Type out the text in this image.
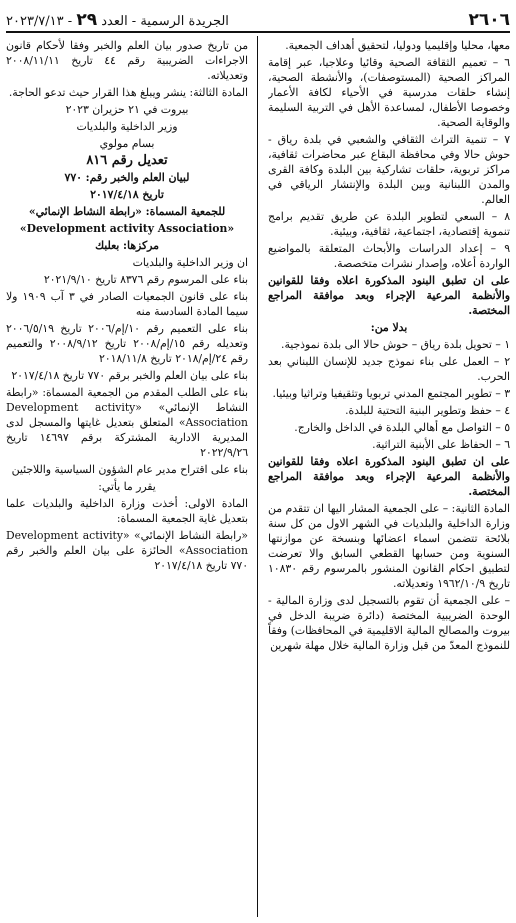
٢٦٠٦
الجريدة الرسمية - العدد ٢٩ - ٢٠٢٣/٧/١٣

معها، محليا وإقليميا ودوليا، لتحقيق أهداف الجمعية.

٦ – تعميم الثقافة الصحية وقائيا وعلاجيا، عبر إقامة المراكز الصحية (المستوصفات)، والأنشطة الصحية، إنشاء حلقات مدرسية في الأحياء لكافة الأعمار وخصوصا الأطفال، لمساعدة الأهل في التربية السليمة والوقاية الصحية.

٧ – تنمية التراث الثقافي والشعبي في بلدة رياق - حوش حالا وفي محافظة البقاع عبر محاضرات ثقافية، مراكز تربوية، حلقات تشاركية بين البلدة وكافة القرى والمدن اللبنانية وبين البلدة والإنتشار الرياقي في العالم.

٨ – السعي لتطوير البلدة عن طريق تقديم برامج تنموية إقتصادية، اجتماعية، ثقافية، وبيئية.

٩ – إعداد الدراسات والأبحاث المتعلقة بالمواضيع الواردة أعلاه، وإصدار نشرات متخصصة.

على ان تطبق البنود المذكورة اعلاه وفقا للقوانين والأنظمة المرعية الإجراء وبعد موافقة المراجع المختصة.

بدلا من:

١ – تحويل بلدة رياق – حوش حالا الى بلدة نموذجية.

٢ – العمل على بناء نموذج جديد للإنسان اللبناني بعد الحرب.

٣ – تطوير المجتمع المدني تربويا وتثقيفيا وتراثيا وبيئيا.

٤ – حفظ وتطوير البنية التحتية للبلدة.

٥ – التواصل مع أهالي البلدة في الداخل والخارج.

٦ – الحفاظ على الأبنية التراثية.

على ان تطبق البنود المذكورة اعلاه وفقا للقوانين والأنظمة المرعية الإجراء وبعد موافقة المراجع المختصة.

المادة الثانية: – على الجمعية المشار اليها ان تتقدم من وزارة الداخلية والبلديات في الشهر الاول من كل سنة بلائحة تتضمن اسماء اعضائها وبنسخة عن موازنتها السنوية ومن حسابها القطعي السابق والا تعرضت لتطبيق احكام القانون المنشور بالمرسوم رقم ١٠٨٣٠ تاريخ ١٩٦٢/١٠/٩ وتعديلاته.

– على الجمعية أن تقوم بالتسجيل لدى وزارة المالية - الوحدة الضريبية المختصة (دائرة ضريبة الدخل في بيروت والمصالح المالية الاقليمية في المحافظات) وفقاً للنموذج المعدّ من قبل وزارة المالية خلال مهلة شهرين

من تاريخ صدور بيان العلم والخبر وفقا لأحكام قانون الاجراءات الضريبية رقم ٤٤ تاريخ ٢٠٠٨/١١/١١ وتعديلاته.

المادة الثالثة: ينشر ويبلغ هذا القرار حيث تدعو الحاجة.

بيروت في ٢١ حزيران ٢٠٢٣

وزير الداخلية والبلديات

بسام مولوي

تعديل رقم ٨١٦

لبيان العلم والخبر رقم: ٧٧٠

تاريخ ٢٠١٧/٤/١٨

للجمعية المسماة: «رابطة النشاط الإنمائي»

«Development activity Association»

مركزها: بعلبك

ان وزير الداخلية والبلديات

بناء على المرسوم رقم ٨٣٧٦ تاريخ ٢٠٢١/٩/١٠

بناء على قانون الجمعيات الصادر في ٣ آب ١٩٠٩ ولا سيما المادة السادسة منه

بناء على التعميم رقم ١٠/إم/٢٠٠٦ تاريخ ٢٠٠٦/٥/١٩ وتعديله رقم ١٥/إم/٢٠٠٨ تاريخ ٢٠٠٨/٩/١٢ والتعميم رقم ٢٤/إم/٢٠١٨ تاريخ ٢٠١٨/١١/٨

بناء على بيان العلم والخبر برقم ٧٧٠ تاريخ ٢٠١٧/٤/١٨

بناء على الطلب المقدم من الجمعية المسماة: «رابطة النشاط الإنمائي» «Development activity Association» المتعلق بتعديل غايتها والمسجل لدى المديرية الادارية المشتركة برقم ١٤٦٩٧ تاريخ ٢٠٢٢/٩/٢٦

بناء على اقتراح مدير عام الشؤون السياسية واللاجئين

يقرر ما يأتي:

المادة الاولى: أخذت وزارة الداخلية والبلديات علما بتعديل غاية الجمعية المسماة:

«رابطة النشاط الإنمائي» «Development activity Association» الحائزة على بيان العلم والخبر رقم ٧٧٠ تاريخ ٢٠١٧/٤/١٨
